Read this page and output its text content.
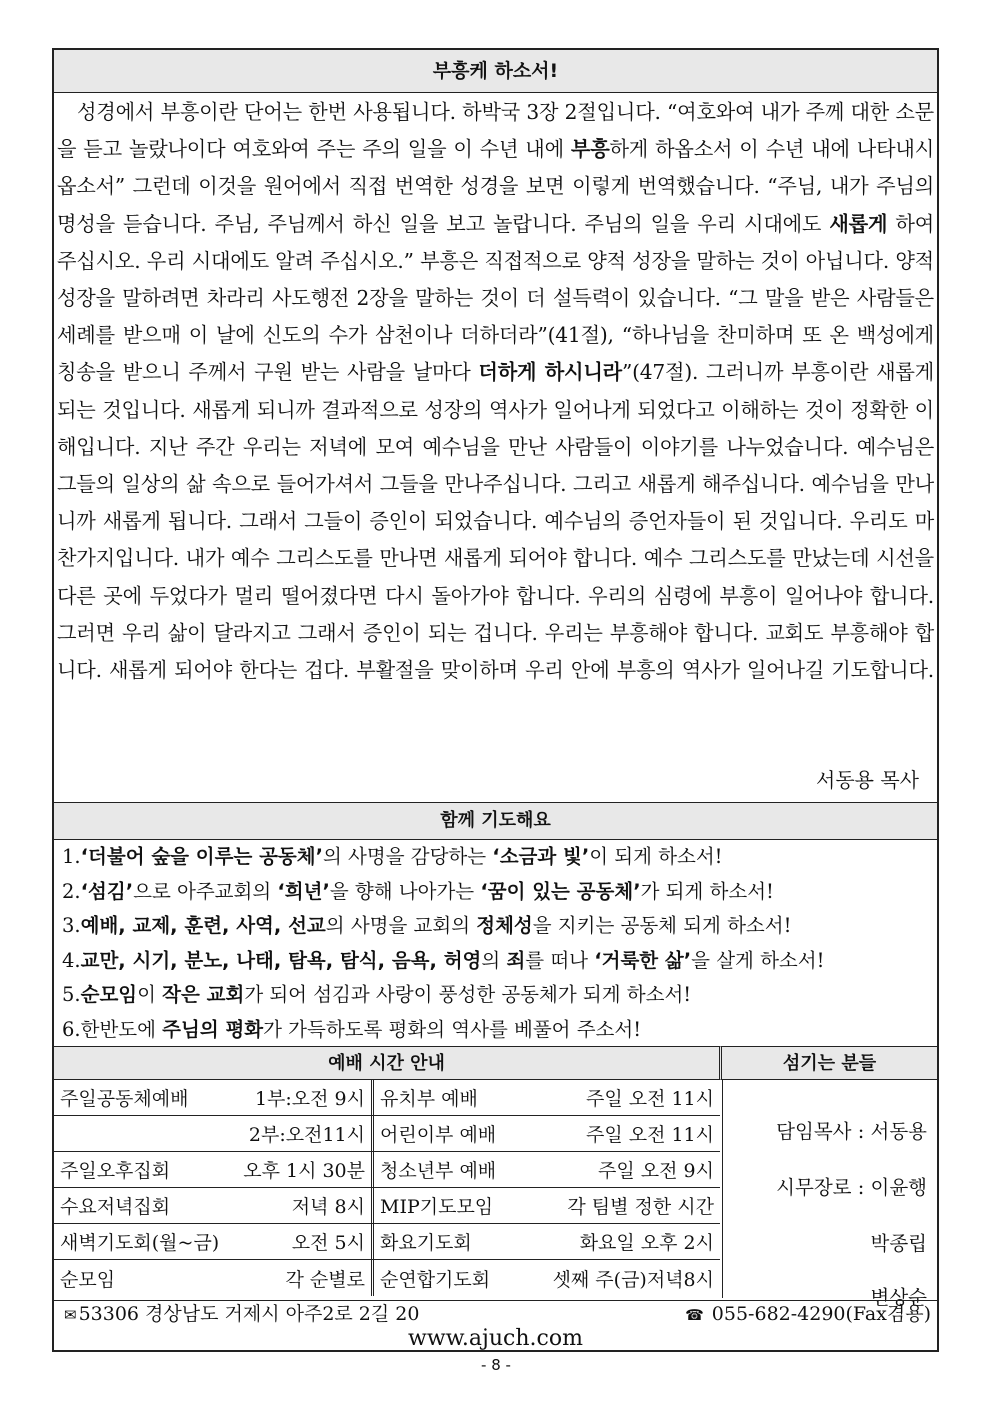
부흥케 하소서!

성경에서 부흥이란 단어는 한번 사용됩니다. 하박국 3장 2절입니다. “여호와여 내가 주께 대한 소문을 듣고 놀랐나이다 여호와여 주는 주의 일을 이 수년 내에 부흥하게 하옵소서 이 수년 내에 나타내시옵소서” 그런데 이것을 원어에서 직접 번역한 성경을 보면 이렇게 번역했습니다. “주님, 내가 주님의 명성을 듣습니다. 주님, 주님께서 하신 일을 보고 놀랍니다. 주님의 일을 우리 시대에도 새롭게 하여 주십시오. 우리 시대에도 알려 주십시오.” 부흥은 직접적으로 양적 성장을 말하는 것이 아닙니다. 양적 성장을 말하려면 차라리 사도행전 2장을 말하는 것이 더 설득력이 있습니다. “그 말을 받은 사람들은 세례를 받으매 이 날에 신도의 수가 삼천이나 더하더라”(41절), “하나님을 찬미하며 또 온 백성에게 칭송을 받으니 주께서 구원 받는 사람을 날마다 더하게 하시니라”(47절). 그러니까 부흥이란 새롭게 되는 것입니다. 새롭게 되니까 결과적으로 성장의 역사가 일어나게 되었다고 이해하는 것이 정확한 이해입니다. 지난 주간 우리는 저녁에 모여 예수님을 만난 사람들이 이야기를 나누었습니다. 예수님은 그들의 일상의 삶 속으로 들어가셔서 그들을 만나주십니다. 그리고 새롭게 해주십니다. 예수님을 만나니까 새롭게 됩니다. 그래서 그들이 증인이 되었습니다. 예수님의 증언자들이 된 것입니다. 우리도 마찬가지입니다. 내가 예수 그리스도를 만나면 새롭게 되어야 합니다. 예수 그리스도를 만났는데 시선을 다른 곳에 두었다가 멀리 떨어졌다면 다시 돌아가야 합니다. 우리의 심령에 부흥이 일어나야 합니다. 그러면 우리 삶이 달라지고 그래서 증인이 되는 겁니다. 우리는 부흥해야 합니다. 교회도 부흥해야 합니다. 새롭게 되어야 한다는 겁다. 부활절을 맞이하며 우리 안에 부흥의 역사가 일어나길 기도합니다.

서동용 목사
함께 기도해요
1.‘더불어 숲을 이루는 공동체’의 사명을 감당하는 ‘소금과 빛’이 되게 하소서!
2.‘섬김’으로 아주교회의 ‘희년’을 향해 나아가는 ‘꿈이 있는 공동체’가 되게 하소서!
3.예배, 교제, 훈련, 사역, 선교의 사명을 교회의 정체성을 지키는 공동체 되게 하소서!
4.교만, 시기, 분노, 나태, 탐욕, 탐식, 음욕, 허영의 죄를 떠나 ‘거룩한 삶’을 살게 하소서!
5.순모임이 작은 교회가 되어 섬김과 사랑이 풍성한 공동체가 되게 하소서!
6.한반도에 주님의 평화가 가득하도록 평화의 역사를 베풀어 주소서!
예배 시간 안내	섬기는 분들
주일공동체예배	1부:오전 9시 유치부 예배	주일 오전 11시
2부:오전11시 어린이부 예배	주일 오전 11시
주일오후집회	오후 1시 30분 청소년부 예배	주일 오전 9시
수요저녁집회	저녁 8시 MIP기도모임	각 팀별 정한 시간
새벽기도회(월~금)	오전 5시 화요기도회	화요일 오후 2시
순모임	각 순별로 순연합기도회	셋째 주(금)저녁8시
담임목사 : 서동용
시무장로 : 이윤행
박종립
변상순
✉ 53306 경상남도 거제시 아주2로 2길 20	☎ 055-682-4290(Fax겸용)
www.ajuch.com
- 8 -
